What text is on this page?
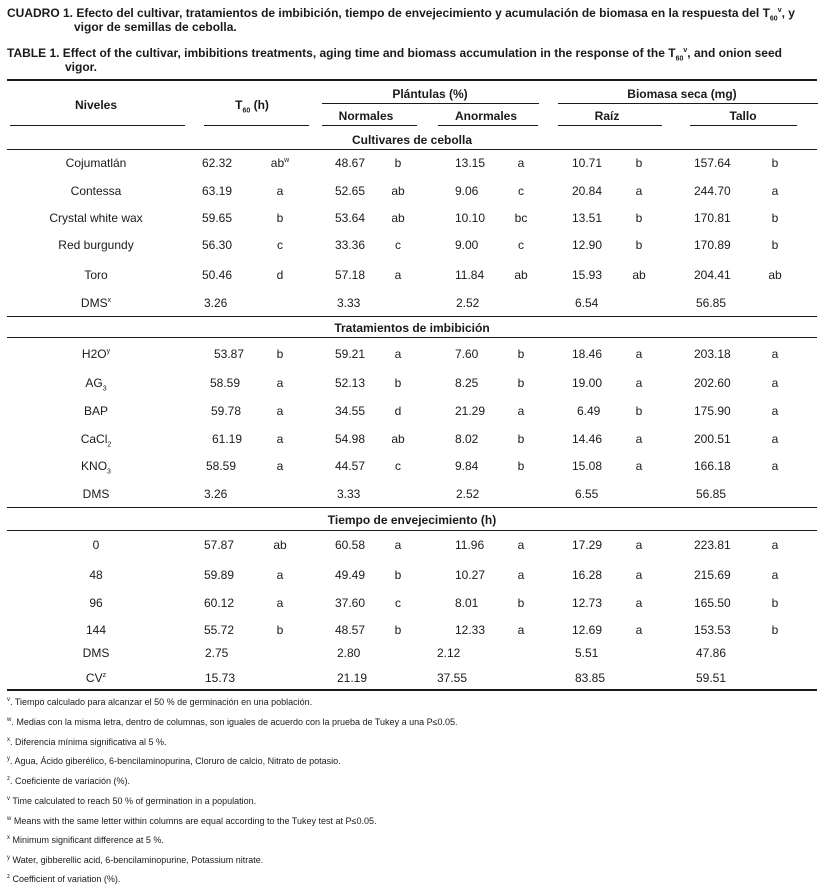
CUADRO 1. Efecto del cultivar, tratamientos de imbibición, tiempo de envejecimiento y acumulación de biomasa en la respuesta del $T_{60}^v$, y
vigor de semillas de cebolla.
TABLE 1. Effect of the cultivar, imbibitions treatments, aging time and biomass accumulation in the response of the $T_{60}^v$, and onion seed
vigor.
Niveles	$T_{60}$ (h)
Plántulas (%)	Biomasa seca (mg)
Normales	Anormales	Raíz	Tallo
Cultivares de cebolla
Cojumatlán	62.32	$ab^w$	48.67 b	13.15	a	10.71	b	157.64	b
Contessa	63.19	a	52.65 ab	9.06	c	20.84	a	244.70	a
Crystal white wax	59.65	b	53.64 ab	10.10 bc	13.51	b	170.81	b
Red burgundy	56.30	c	33.36 c	9.00	c	12.90	b	170.89	b
Toro	50.46	d	57.18 a	11.84	ab	15.93	ab	204.41	ab
DMS$^x$	3.26	3.33	2.52	6.54	56.85
Tratamientos de imbibición
$H2O^y$	53.87	b	59.21 a	7.60	b	18.46	a	203.18	a
$AG_3$	58.59	a	52.13 b	8.25	b	19.00	a	202.60	a
BAP	59.78	a	34.55 d	21.29	a	6.49	b	175.90	a
CaCl$_2$	61.19	a	54.98 ab	8.02	b	14.46	a	200.51	a
$KNO_3$	58.59	a	44.57 c	9.84	b	15.08	a	166.18	a
DMS	3.26	3.33	2.52	6.55	56.85
Tiempo de envejecimiento (h)
0	57.87	ab	60.58 a	11.96	a	17.29	a	223.81	a
48	59.89	a	49.49 b	10.27	a	16.28	a	215.69	a
96	60.12	a	37.60 c	8.01	b	12.73	a	165.50	b
144	55.72	b	48.57 b	12.33	a	12.69	a	153.53	b
DMS	2.75	2.80	2.12	5.51	47.86
$CV^z$	15.73	21.19	37.55	83.85	59.51
$^v$. Tiempo calculado para alcanzar el 50 % de germinación en una población.
$^w$. Medias con la misma letra, dentro de columnas, son iguales de acuerdo con la prueba de Tukey a una P≤0.05.
$^x$. Diferencia mínima significativa al 5 %.
$^y$. Agua, Ácido giberélico, 6-bencilaminopurina, Cloruro de calcio, Nitrato de potasio.
$^z$. Coeficiente de variación (%).
$^v$ Time calculated to reach 50 % of germination in a population.
$^w$ Means with the same letter within columns are equal according to the Tukey test at P≤0.05.
$^x$ Minimum significant difference at 5 %.
$^y$ Water, gibberellic acid, 6-bencilaminopurine, Potassium nitrate.
$^z$ Coefficient of variation (%).
